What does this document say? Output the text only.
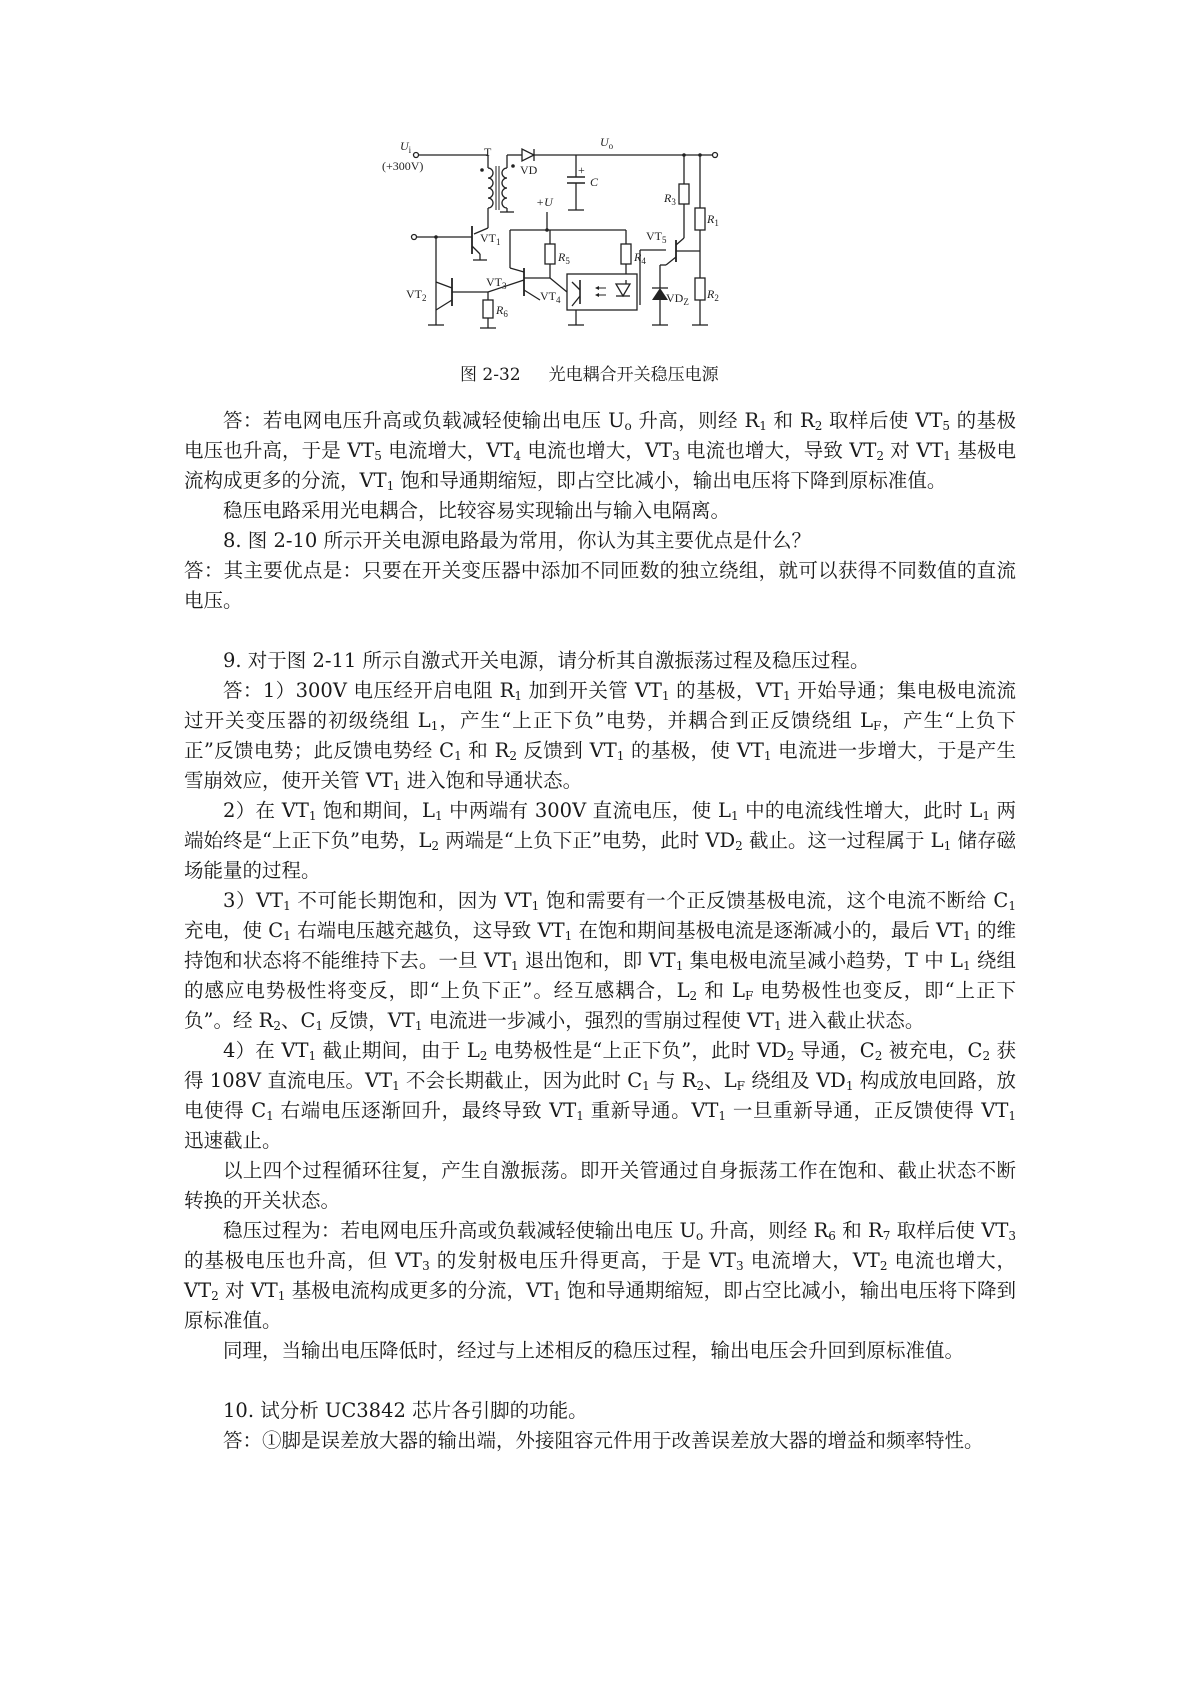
$U_i$
(+300V)
T
VD
$U_o$
+
C
$R_3$
$R_1$
$R_2$
$VT_5$
$VD_Z$
+U
$R_5$	$R_4$
$VT_1$
$VT_2$
$R_6$
$VT_3$
$VT_4$
图 2-32 光电耦合开关稳压电源

答：若电网电压升高或负载减轻使输出电压 $U_o$ 升高，则经 $R_1$ 和 $R_2$ 取样后使 $VT_5$ 的基极电压也升高，于是 $VT_5$ 电流增大，$VT_4$ 电流也增大，$VT_3$ 电流也增大，导致 $VT_2$ 对 $VT_1$ 基极电流构成更多的分流，$VT_1$ 饱和导通期缩短，即占空比减小，输出电压将下降到原标准值。

稳压电路采用光电耦合，比较容易实现输出与输入电隔离。

8. 图 2-10 所示开关电源电路最为常用，你认为其主要优点是什么？

答：其主要优点是：只要在开关变压器中添加不同匝数的独立绕组，就可以获得不同数值的直流电压。

9. 对于图 2-11 所示自激式开关电源，请分析其自激振荡过程及稳压过程。

答：1）300V 电压经开启电阻 $R_1$ 加到开关管 $VT_1$ 的基极，$VT_1$ 开始导通；集电极电流流过开关变压器的初级绕组 $L_1$，产生“上正下负”电势，并耦合到正反馈绕组 $L_F$，产生“上负下正”反馈电势；此反馈电势经 $C_1$ 和 $R_2$ 反馈到 $VT_1$ 的基极，使 $VT_1$ 电流进一步增大，于是产生雪崩效应，使开关管 $VT_1$ 进入饱和导通状态。

2）在 $VT_1$ 饱和期间，$L_1$ 中两端有 300V 直流电压，使 $L_1$ 中的电流线性增大，此时 $L_1$ 两端始终是“上正下负”电势，$L_2$ 两端是“上负下正”电势，此时 $VD_2$ 截止。这一过程属于 $L_1$ 储存磁场能量的过程。

$3)VT_1$ 不可能长期饱和，因为 $VT_1$ 饱和需要有一个正反馈基极电流，这个电流不断给 $C_1$ 充电，使 $C_1$ 右端电压越充越负，这导致 $VT_1$ 在饱和期间基极电流是逐渐减小的，最后 $VT_1$ 的维持饱和状态将不能维持下去。一旦 $VT_1$ 退出饱和，即 $VT_1$ 集电极电流呈减小趋势，T 中 $L_1$ 绕组的感应电势极性将变反，即“上负下正”。经互感耦合，$L_2$ 和 $L_F$ 电势极性也变反，即“上正下负”。经 $R_2$、$C_1$ 反馈，$VT_1$ 电流进一步减小，强烈的雪崩过程使 $VT_1$ 进入截止状态。

4）在 $VT_1$ 截止期间，由于 $L_2$ 电势极性是“上正下负”，此时 $VD_2$ 导通，$C_2$ 被充电，$C_2$ 获得 108V 直流电压。$VT_1$ 不会长期截止，因为此时 $C_1$ 与 $R_2$、$L_F$ 绕组及 $VD_1$ 构成放电回路，放电使得 $C_1$ 右端电压逐渐回升，最终导致 $VT_1$ 重新导通。$VT_1$ 一旦重新导通，正反馈使得 $VT_1$ 迅速截止。

以上四个过程循环往复，产生自激振荡。即开关管通过自身振荡工作在饱和、截止状态不断转换的开关状态。

稳压过程为：若电网电压升高或负载减轻使输出电压 $U_o$ 升高，则经 $R_6$ 和 $R_7$ 取样后使 $VT_3$ 的基极电压也升高，但 $VT_3$ 的发射极电压升得更高，于是 $VT_3$ 电流增大，$VT_2$ 电流也增大，$VT_2$ 对 $VT_1$ 基极电流构成更多的分流，$VT_1$ 饱和导通期缩短，即占空比减小，输出电压将下降到原标准值。

同理，当输出电压降低时，经过与上述相反的稳压过程，输出电压会升回到原标准值。

10. 试分析 UC3842 芯片各引脚的功能。

答：①脚是误差放大器的输出端，外接阻容元件用于改善误差放大器的增益和频率特性。
